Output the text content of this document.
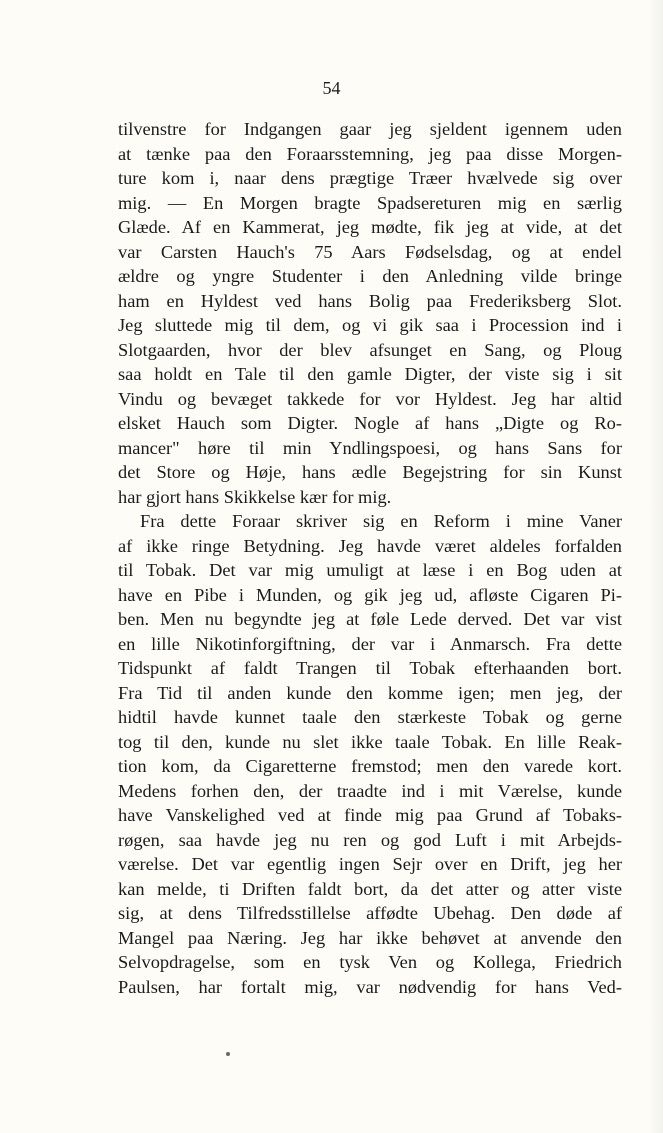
54
tilvenstre for Indgangen gaar jeg sjeldent igennem uden
at tænke paa den Foraarsstemning, jeg paa disse Morgen-
ture kom i, naar dens prægtige Træer hvælvede sig over
mig. — En Morgen bragte Spadsereturen mig en særlig
Glæde. Af en Kammerat, jeg mødte, fik jeg at vide, at det
var Carsten Hauch's 75 Aars Fødselsdag, og at endel
ældre og yngre Studenter i den Anledning vilde bringe
ham en Hyldest ved hans Bolig paa Frederiksberg Slot.
Jeg sluttede mig til dem, og vi gik saa i Procession ind i
Slotgaarden, hvor der blev afsunget en Sang, og Ploug
saa holdt en Tale til den gamle Digter, der viste sig i sit
Vindu og bevæget takkede for vor Hyldest. Jeg har altid
elsket Hauch som Digter. Nogle af hans „Digte og Ro-
mancer" høre til min Yndlingspoesi, og hans Sans for
det Store og Høje, hans ædle Begejstring for sin Kunst
har gjort hans Skikkelse kær for mig.
Fra dette Foraar skriver sig en Reform i mine Vaner
af ikke ringe Betydning. Jeg havde været aldeles forfalden
til Tobak. Det var mig umuligt at læse i en Bog uden at
have en Pibe i Munden, og gik jeg ud, afløste Cigaren Pi-
ben. Men nu begyndte jeg at føle Lede derved. Det var vist
en lille Nikotinforgiftning, der var i Anmarsch. Fra dette
Tidspunkt af faldt Trangen til Tobak efterhaanden bort.
Fra Tid til anden kunde den komme igen; men jeg, der
hidtil havde kunnet taale den stærkeste Tobak og gerne
tog til den, kunde nu slet ikke taale Tobak. En lille Reak-
tion kom, da Cigaretterne fremstod; men den varede kort.
Medens forhen den, der traadte ind i mit Værelse, kunde
have Vanskelighed ved at finde mig paa Grund af Tobaks-
røgen, saa havde jeg nu ren og god Luft i mit Arbejds-
værelse. Det var egentlig ingen Sejr over en Drift, jeg her
kan melde, ti Driften faldt bort, da det atter og atter viste
sig, at dens Tilfredsstillelse affødte Ubehag. Den døde af
Mangel paa Næring. Jeg har ikke behøvet at anvende den
Selvopdragelse, som en tysk Ven og Kollega, Friedrich
Paulsen, har fortalt mig, var nødvendig for hans Ved-
